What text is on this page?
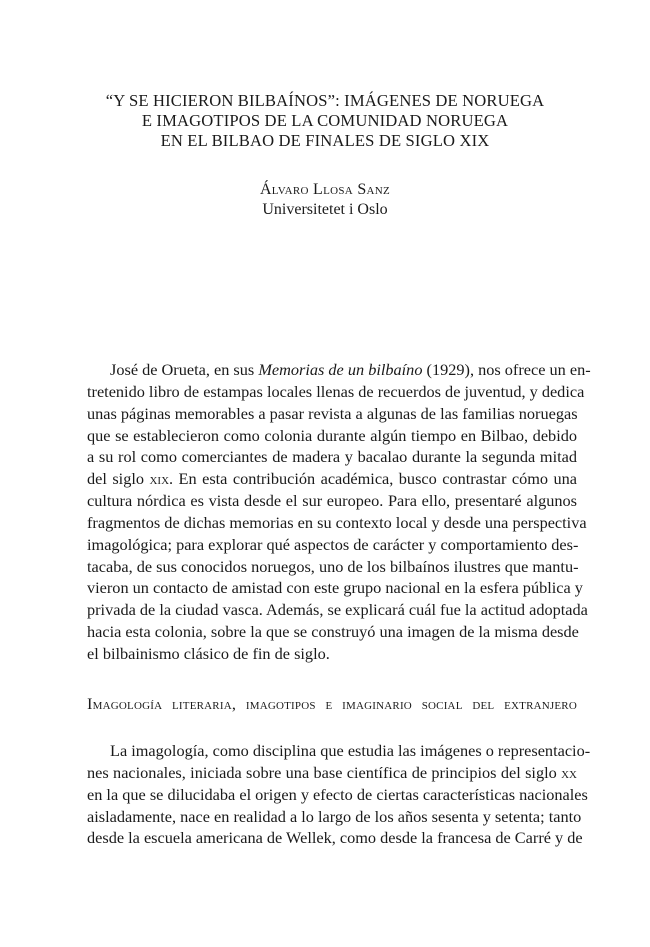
“Y SE HICIERON BILBAÍNOS”: IMÁGENES DE NORUEGA
E IMAGOTIPOS DE LA COMUNIDAD NORUEGA
EN EL BILBAO DE FINALES DE SIGLO XIX
Álvaro Llosa Sanz
Universitetet i Oslo
José de Orueta, en sus Memorias de un bilbaíno (1929), nos ofrece un en-
tretenido libro de estampas locales llenas de recuerdos de juventud, y dedica
unas páginas memorables a pasar revista a algunas de las familias noruegas
que se establecieron como colonia durante algún tiempo en Bilbao, debido
a su rol como comerciantes de madera y bacalao durante la segunda mitad
del siglo xix. En esta contribución académica, busco contrastar cómo una
cultura nórdica es vista desde el sur europeo. Para ello, presentaré algunos
fragmentos de dichas memorias en su contexto local y desde una perspectiva
imagológica; para explorar qué aspectos de carácter y comportamiento des-
tacaba, de sus conocidos noruegos, uno de los bilbaínos ilustres que mantu-
vieron un contacto de amistad con este grupo nacional en la esfera pública y
privada de la ciudad vasca. Además, se explicará cuál fue la actitud adoptada
hacia esta colonia, sobre la que se construyó una imagen de la misma desde
el bilbainismo clásico de fin de siglo.
Imagología literaria, imagotipos e imaginario social del extranjero
La imagología, como disciplina que estudia las imágenes o representacio-
nes nacionales, iniciada sobre una base científica de principios del siglo xx
en la que se dilucidaba el origen y efecto de ciertas características nacionales
aisladamente, nace en realidad a lo largo de los años sesenta y setenta; tanto
desde la escuela americana de Wellek, como desde la francesa de Carré y de
